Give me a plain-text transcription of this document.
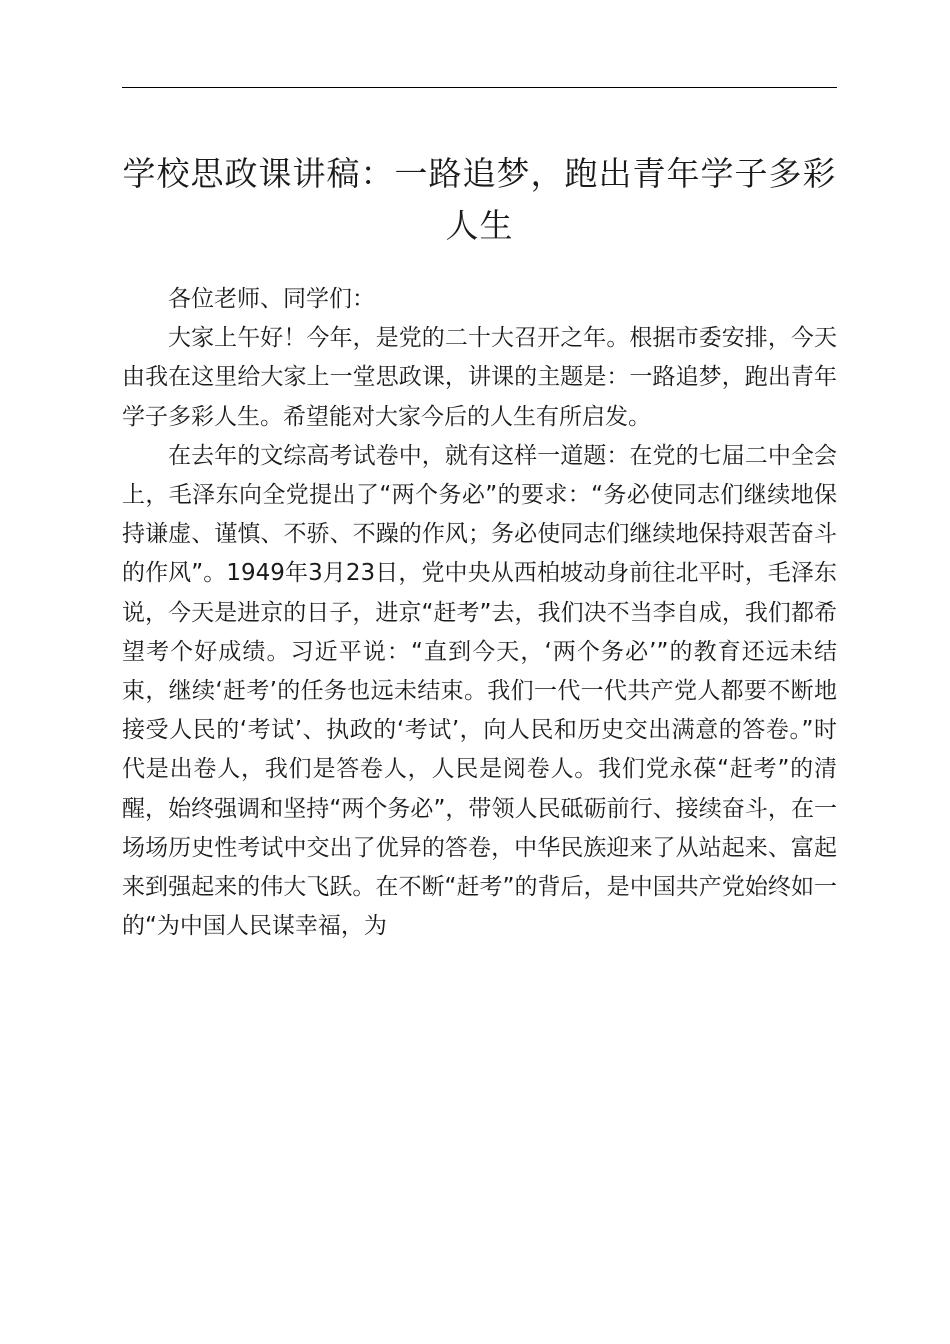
学校思政课讲稿：一路追梦，跑出青年学子多彩人生

各位老师、同学们：

大家上午好！今年，是党的二十大召开之年。根据市委安排，今天由我在这里给大家上一堂思政课，讲课的主题是：一路追梦，跑出青年学子多彩人生。希望能对大家今后的人生有所启发。

在去年的文综高考试卷中，就有这样一道题：在党的七届二中全会上，毛泽东向全党提出了“两个务必”的要求：“务必使同志们继续地保持谦虚、谨慎、不骄、不躁的作风；务必使同志们继续地保持艰苦奋斗的作风”。1949年3月23日，党中央从西柏坡动身前往北平时，毛泽东说，今天是进京的日子，进京“赶考”去，我们决不当李自成，我们都希望考个好成绩。习近平说：“直到今天，‘两个务必’”的教育还远未结束，继续‘赶考’的任务也远未结束。我们一代一代共产党人都要不断地接受人民的‘考试’、执政的‘考试’，向人民和历史交出满意的答卷。”时代是出卷人，我们是答卷人，人民是阅卷人。我们党永葆“赶考”的清醒，始终强调和坚持“两个务必”，带领人民砥砺前行、接续奋斗，在一场场历史性考试中交出了优异的答卷，中华民族迎来了从站起来、富起来到强起来的伟大飞跃。在不断“赶考”的背后，是中国共产党始终如一的“为中国人民谋幸福，为
